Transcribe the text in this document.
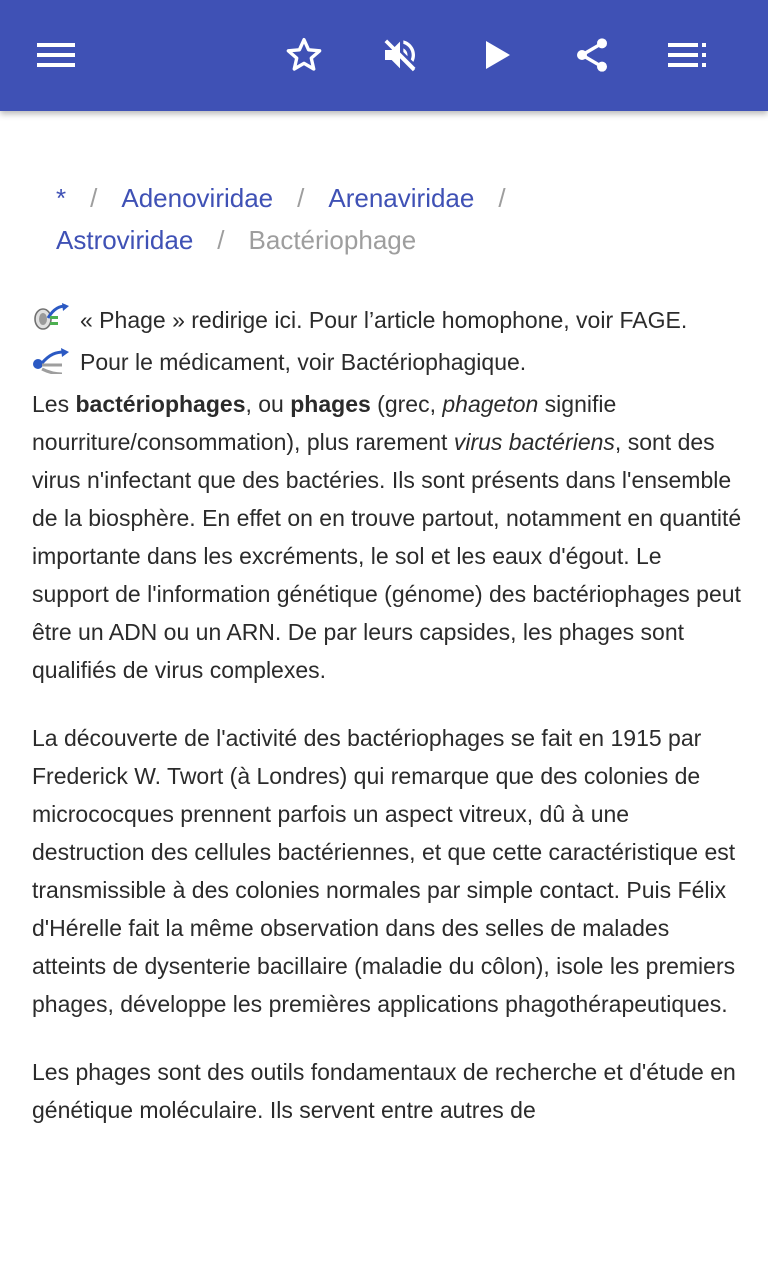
* / Adenoviridae / Arenaviridae /
Astroviridae / Bactériophage
« Phage » redirige ici. Pour l’article homophone, voir FAGE.
Pour le médicament, voir Bactériophagique.

Les bactériophages, ou phages (grec, phageton signifie nourriture/consommation), plus rarement virus bactériens, sont des virus n'infectant que des bactéries. Ils sont présents dans l'ensemble de la biosphère. En effet on en trouve partout, notamment en quantité importante dans les excréments, le sol et les eaux d'égout. Le support de l'information génétique (génome) des bactériophages peut être un ADN ou un ARN. De par leurs capsides, les phages sont qualifiés de virus complexes.

La découverte de l'activité des bactériophages se fait en 1915 par Frederick W. Twort (à Londres) qui remarque que des colonies de micrococques prennent parfois un aspect vitreux, dû à une destruction des cellules bactériennes, et que cette caractéristique est transmissible à des colonies normales par simple contact. Puis Félix d'Hérelle fait la même observation dans des selles de malades atteints de dysenterie bacillaire (maladie du côlon), isole les premiers phages, développe les premières applications phagothérapeutiques.

Les phages sont des outils fondamentaux de recherche et d'étude en génétique moléculaire. Ils servent entre autres de
